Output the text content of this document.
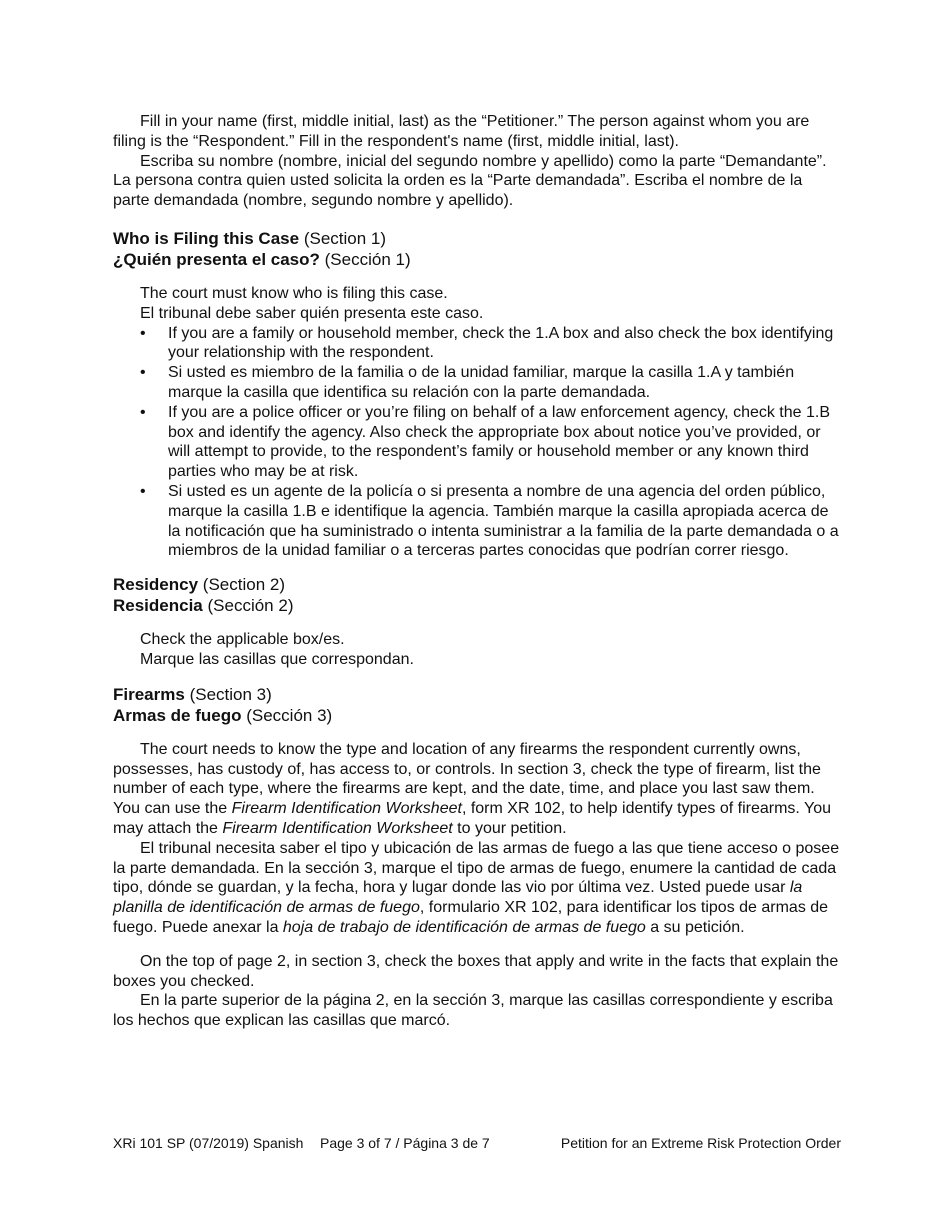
Fill in your name (first, middle initial, last) as the “Petitioner.” The person against whom you are filing is the “Respondent.” Fill in the respondent's name (first, middle initial, last).

Escriba su nombre (nombre, inicial del segundo nombre y apellido) como la parte “Demandante”. La persona contra quien usted solicita la orden es la “Parte demandada”. Escriba el nombre de la parte demandada (nombre, segundo nombre y apellido).

Who is Filing this Case (Section 1)

¿Quién presenta el caso? (Sección 1)

The court must know who is filing this case.
El tribunal debe saber quién presenta este caso.
• If you are a family or household member, check the 1.A box and also check the box identifying your relationship with the respondent.
• Si usted es miembro de la familia o de la unidad familiar, marque la casilla 1.A y también marque la casilla que identifica su relación con la parte demandada.
• If you are a police officer or you’re filing on behalf of a law enforcement agency, check the 1.B box and identify the agency. Also check the appropriate box about notice you’ve provided, or will attempt to provide, to the respondent’s family or household member or any known third parties who may be at risk.
• Si usted es un agente de la policía o si presenta a nombre de una agencia del orden público, marque la casilla 1.B e identifique la agencia. También marque la casilla apropiada acerca de la notificación que ha suministrado o intenta suministrar a la familia de la parte demandada o a miembros de la unidad familiar o a terceras partes conocidas que podrían correr riesgo.

Residency (Section 2)

Residencia (Sección 2)

Check the applicable box/es.
Marque las casillas que correspondan.

Firearms (Section 3)

Armas de fuego (Sección 3)

The court needs to know the type and location of any firearms the respondent currently owns, possesses, has custody of, has access to, or controls. In section 3, check the type of firearm, list the number of each type, where the firearms are kept, and the date, time, and place you last saw them. You can use the Firearm Identification Worksheet, form XR 102, to help identify types of firearms. You may attach the Firearm Identification Worksheet to your petition.

El tribunal necesita saber el tipo y ubicación de las armas de fuego a las que tiene acceso o posee la parte demandada. En la sección 3, marque el tipo de armas de fuego, enumere la cantidad de cada tipo, dónde se guardan, y la fecha, hora y lugar donde las vio por última vez. Usted puede usar la planilla de identificación de armas de fuego, formulario XR 102, para identificar los tipos de armas de fuego. Puede anexar la hoja de trabajo de identificación de armas de fuego a su petición.

On the top of page 2, in section 3, check the boxes that apply and write in the facts that explain the boxes you checked.

En la parte superior de la página 2, en la sección 3, marque las casillas correspondiente y escriba los hechos que explican las casillas que marcó.

XRi 101 SP (07/2019) Spanish Page 3 of 7 / Página 3 de 7	Petition for an Extreme Risk Protection Order
